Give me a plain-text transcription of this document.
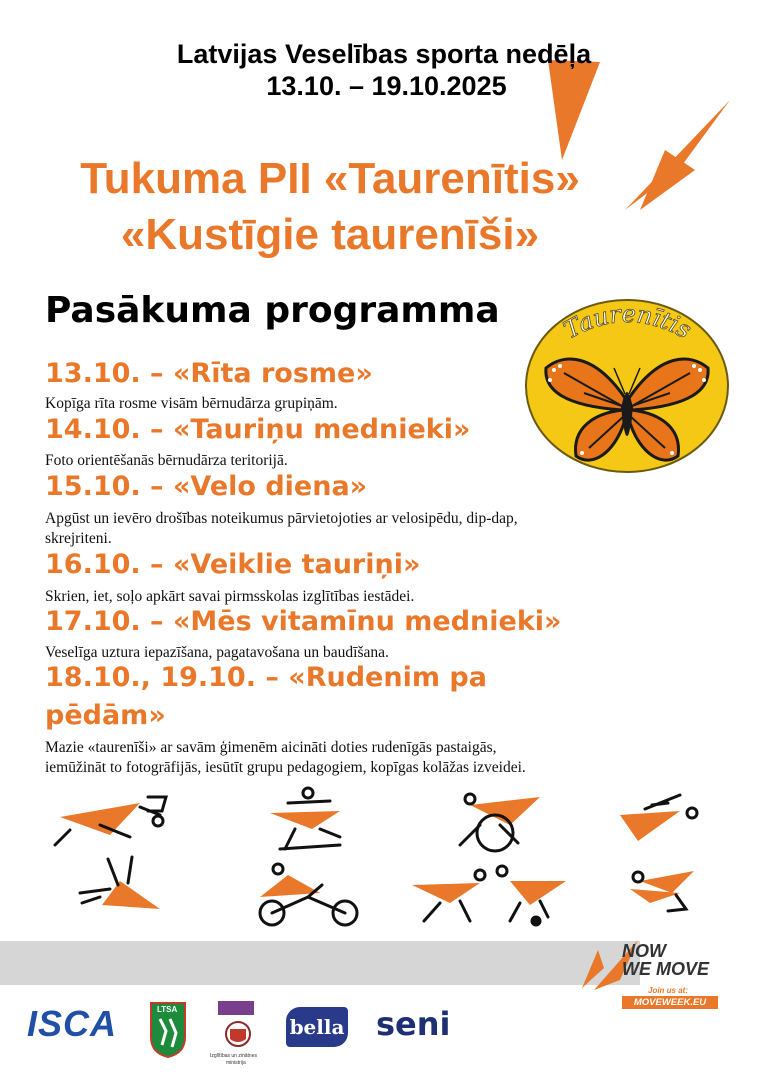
Latvijas Veselības sporta nedēļa
13.10. – 19.10.2025
Tukuma PII «Taurenītis»
«Kustīgie taurenīši»
Pasākuma programma
13.10. – «Rīta rosme»
Kopīga rīta rosme visām bērnudārza grupiņām.
14.10. – «Tauriņu mednieki»
Foto orientēšanās bērnudārza teritorijā.
15.10. – «Velo diena»
Apgūst un ievēro drošības noteikumus pārvietojoties ar velosipēdu, dip-dap,
skrejriteni.
16.10. – «Veiklie tauriņi»
Skrien, iet, soļo apkārt savai pirmsskolas izglītības iestādei.
17.10. – «Mēs vitamīnu mednieki»
Veselīga uztura iepazīšana, pagatavošana un baudīšana.
18.10., 19.10. – «Rudenim pa
pēdām»
Mazie «taurenīši» ar savām ģimenēm aicināti doties rudenīgās pastaigās,
iemūžināt to fotogrāfijās, iesūtīt grupu pedagogiem, kopīgas kolāžas izveidei.
Taurenītis
NOW
WE MOVE
Join us at:
MOVEWEEK.EU
ISCA	LTSA
Izglītības un zinātnes
ministrija
bella seni
